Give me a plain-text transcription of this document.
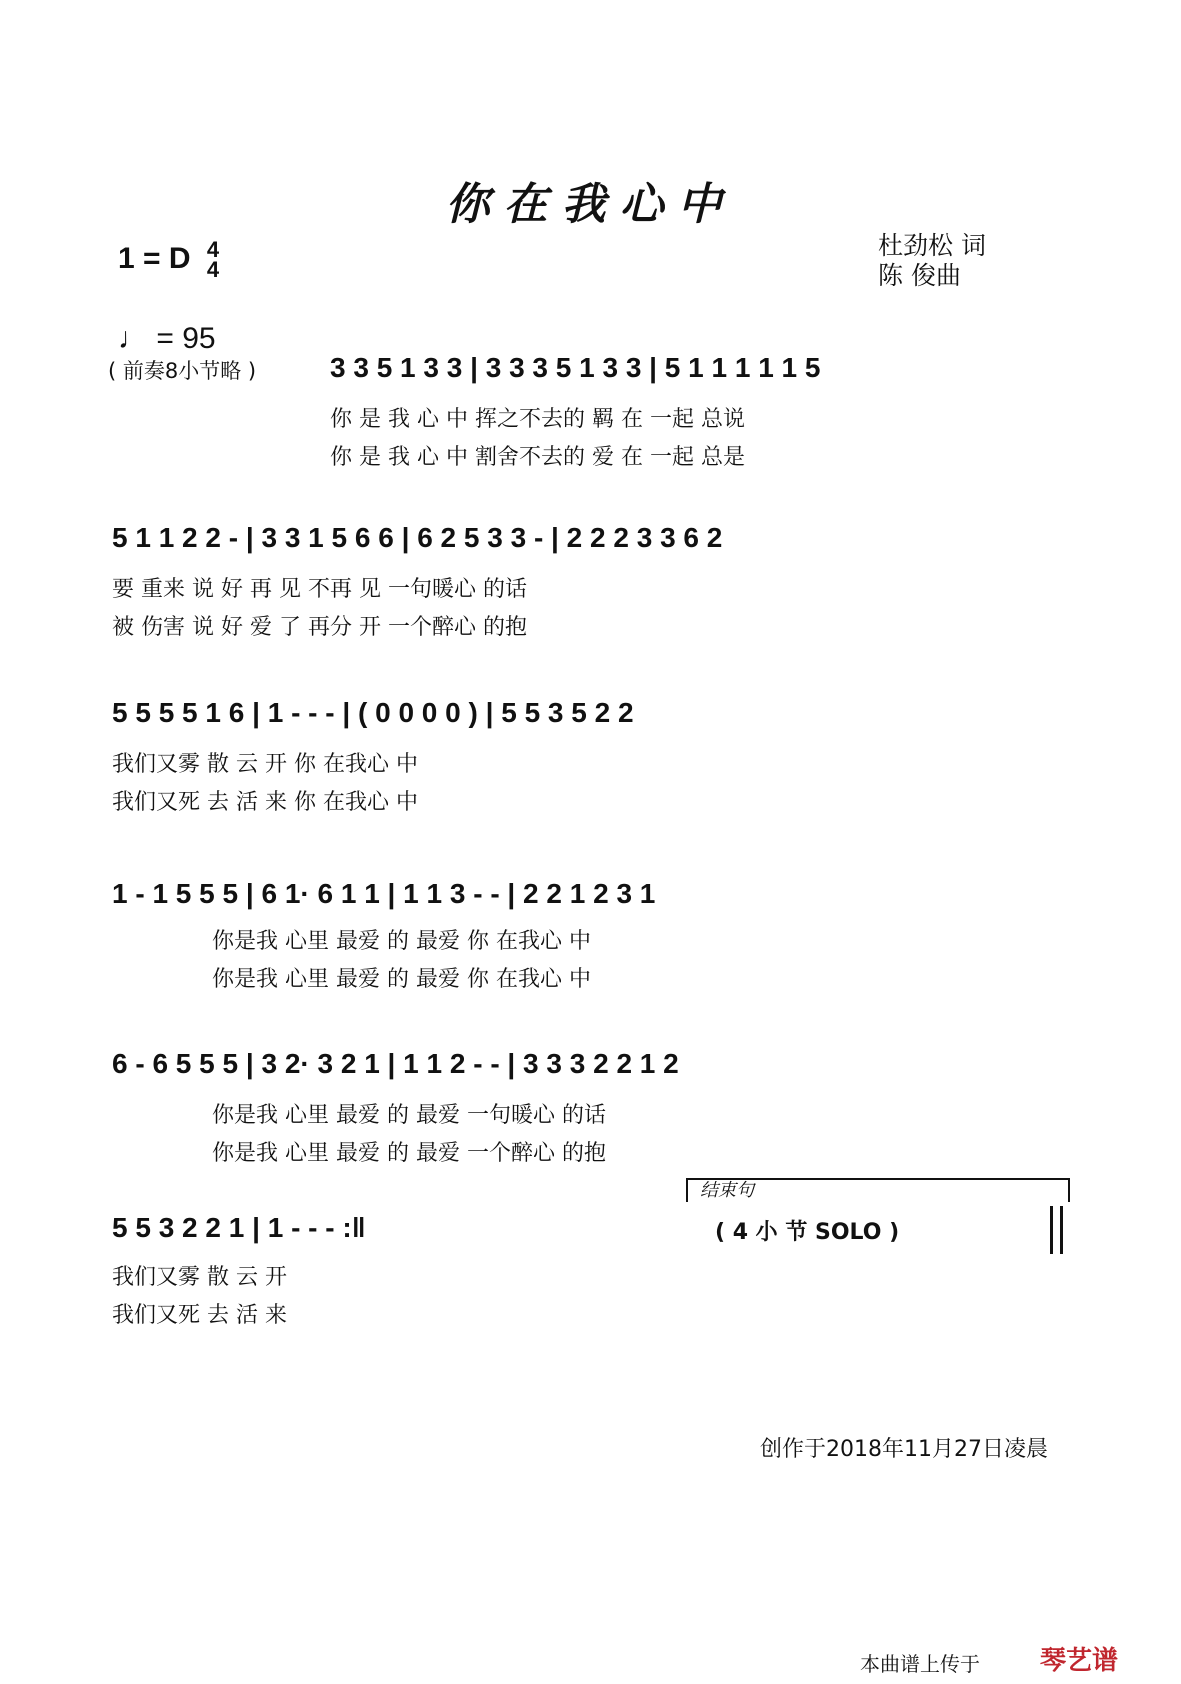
你在我心中
1 = D 4
4
杜劲松 词
陈 俊曲
♩ = 95
( 前奏8小节略 )	3 3 5 1 3 3 | 3 3 3 5 1 3 3 | 5 1 1 1 1 1 5
你 是 我 心 中 挥之不去的 羁 在 一起 总说
你 是 我 心 中 割舍不去的 爱 在 一起 总是
5 1 1 2 2 - | 3 3 1 5 6 6 | 6 2 5 3 3 - | 2 2 2 3 3 6 2
要 重来 说 好 再 见 不再 见 一句暖心 的话
被 伤害 说 好 爱 了 再分 开 一个醉心 的抱
5 5 5 5 1 6 | 1 - - - | ( 0 0 0 0 ) | 5 5 3 5 2 2
我们又雾 散 云 开 你 在我心 中
我们又死 去 活 来 你 在我心 中
1 - 1 5 5 5 | 6 1· 6 1 1 | 1 1 3 - - | 2 2 1 2 3 1
你是我 心里 最爱 的 最爱 你 在我心 中
你是我 心里 最爱 的 最爱 你 在我心 中
6 - 6 5 5 5 | 3 2· 3 2 1 | 1 1 2 - - | 3 3 3 2 2 1 2
你是我 心里 最爱 的 最爱 一句暖心 的话
你是我 心里 最爱 的 最爱 一个醉心 的抱
5 5 3 2 2 1 | 1 - - - :‖
我们又雾 散 云 开
我们又死 去 活 来
结束句
( 4 小 节 SOLO )
创作于2018年11月27日凌晨
本曲谱上传于 琴艺谱
